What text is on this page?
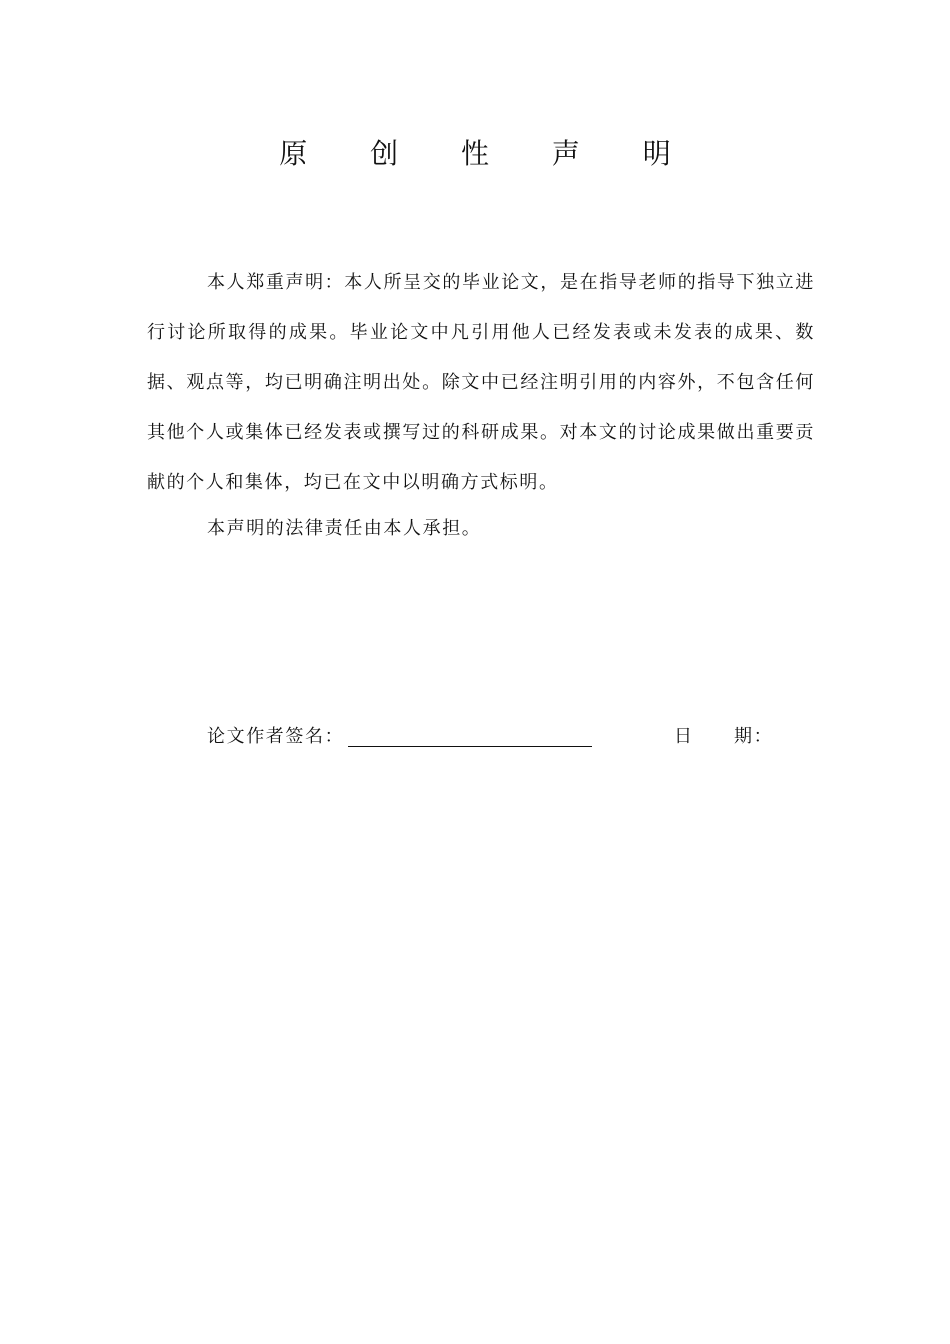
原 创 性 声 明

本人郑重声明：本人所呈交的毕业论文，是在指导老师的指导下独立进行讨论所取得的成果。毕业论文中凡引用他人已经发表或未发表的成果、数据、观点等，均已明确注明出处。除文中已经注明引用的内容外，不包含任何其他个人或集体已经发表或撰写过的科研成果。对本文的讨论成果做出重要贡献的个人和集体，均已在文中以明确方式标明。

本声明的法律责任由本人承担。

论文作者签名：	日 期：
